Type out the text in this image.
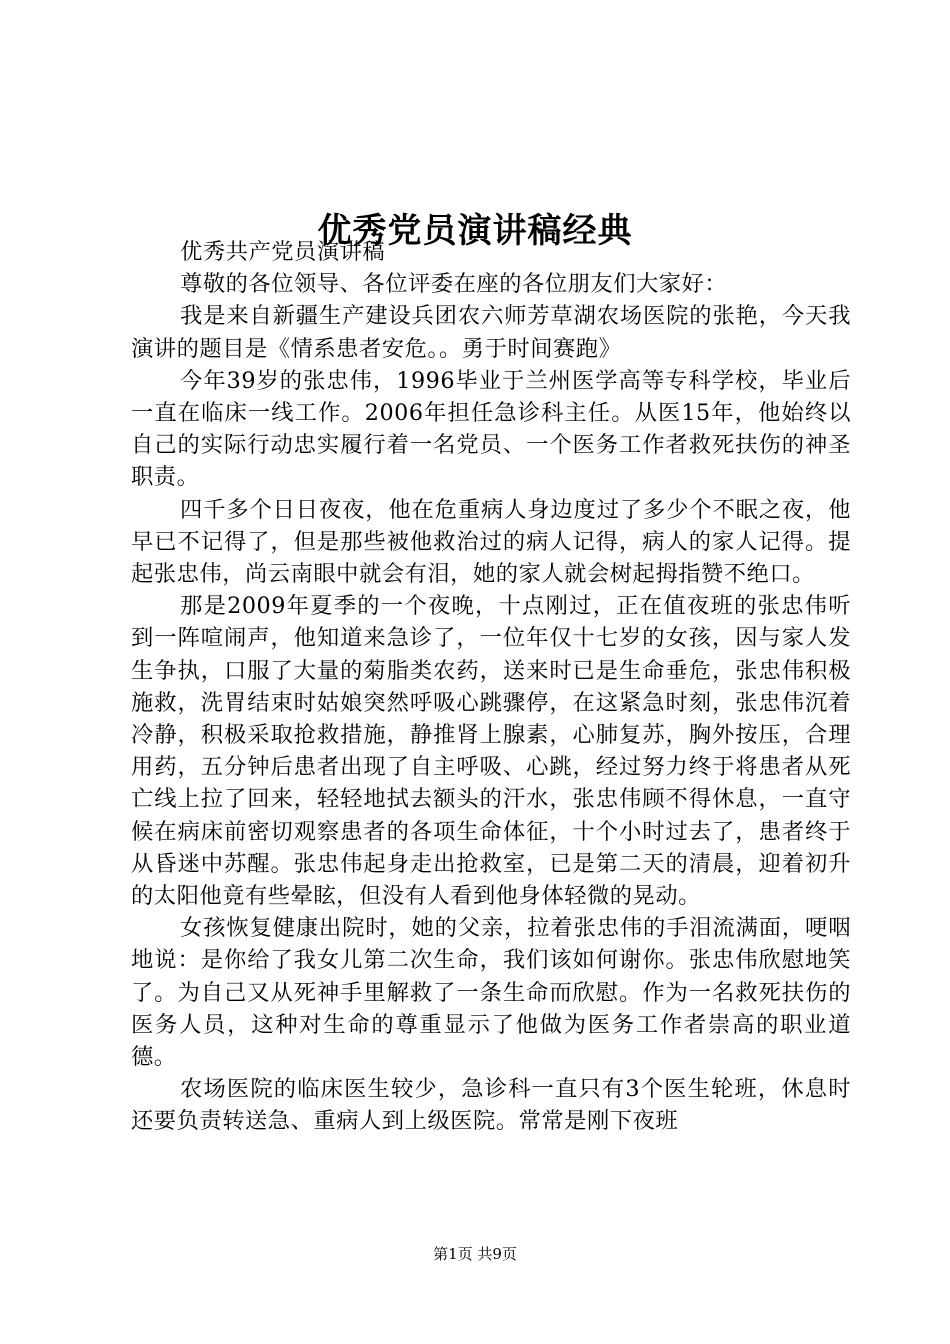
优秀党员演讲稿经典

优秀共产党员演讲稿

尊敬的各位领导、各位评委在座的各位朋友们大家好：

我是来自新疆生产建设兵团农六师芳草湖农场医院的张艳，今天我演讲的题目是《情系患者安危。。勇于时间赛跑》

今年39岁的张忠伟，1996毕业于兰州医学高等专科学校，毕业后一直在临床一线工作。2006年担任急诊科主任。从医15年，他始终以自己的实际行动忠实履行着一名党员、一个医务工作者救死扶伤的神圣职责。

四千多个日日夜夜，他在危重病人身边度过了多少个不眠之夜，他早已不记得了，但是那些被他救治过的病人记得，病人的家人记得。提起张忠伟，尚云南眼中就会有泪，她的家人就会树起拇指赞不绝口。

那是2009年夏季的一个夜晚，十点刚过，正在值夜班的张忠伟听到一阵喧闹声，他知道来急诊了，一位年仅十七岁的女孩，因与家人发生争执，口服了大量的菊脂类农药，送来时已是生命垂危，张忠伟积极施救，洗胃结束时姑娘突然呼吸心跳骤停，在这紧急时刻，张忠伟沉着冷静，积极采取抢救措施，静推肾上腺素，心肺复苏，胸外按压，合理用药，五分钟后患者出现了自主呼吸、心跳，经过努力终于将患者从死亡线上拉了回来，轻轻地拭去额头的汗水，张忠伟顾不得休息，一直守候在病床前密切观察患者的各项生命体征，十个小时过去了，患者终于从昏迷中苏醒。张忠伟起身走出抢救室，已是第二天的清晨，迎着初升的太阳他竟有些晕眩，但没有人看到他身体轻微的晃动。

女孩恢复健康出院时，她的父亲，拉着张忠伟的手泪流满面，哽咽地说：是你给了我女儿第二次生命，我们该如何谢你。张忠伟欣慰地笑了。为自己又从死神手里解救了一条生命而欣慰。作为一名救死扶伤的医务人员，这种对生命的尊重显示了他做为医务工作者崇高的职业道德。

农场医院的临床医生较少，急诊科一直只有3个医生轮班，休息时还要负责转送急、重病人到上级医院。常常是刚下夜班

第1页 共9页
